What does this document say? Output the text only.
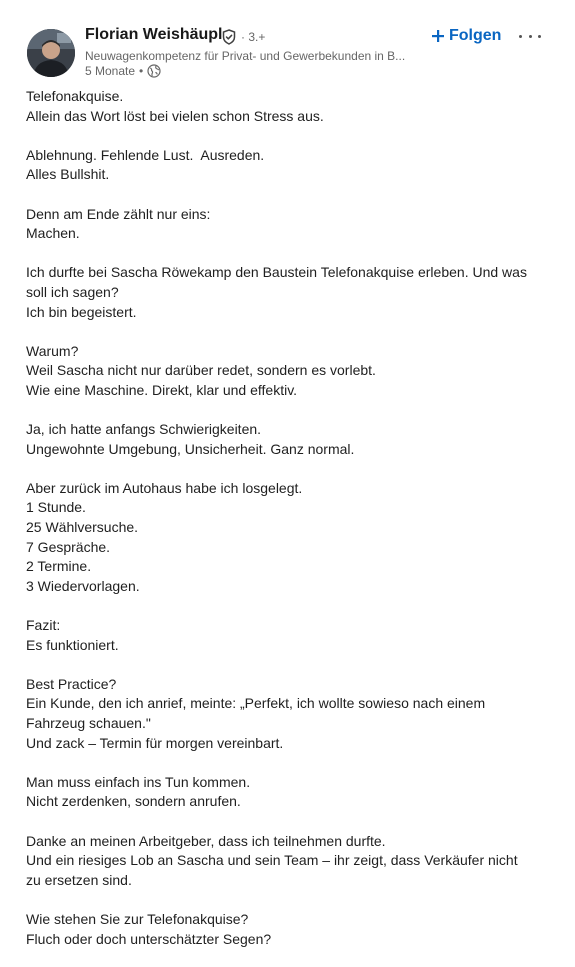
Florian Weishäupl · 3.+
Neuwagenkompetenz für Privat- und Gewerbekunden in B...
5 Monate •
Folgen
Telefonakquise.
Allein das Wort löst bei vielen schon Stress aus.
Ablehnung. Fehlende Lust.  Ausreden.
Alles Bullshit.
Denn am Ende zählt nur eins:
Machen.
Ich durfte bei Sascha Röwekamp den Baustein Telefonakquise erleben. Und was
soll ich sagen?
Ich bin begeistert.
Warum?
Weil Sascha nicht nur darüber redet, sondern es vorlebt.
Wie eine Maschine. Direkt, klar und effektiv.
Ja, ich hatte anfangs Schwierigkeiten.
Ungewohnte Umgebung, Unsicherheit. Ganz normal.
Aber zurück im Autohaus habe ich losgelegt.
1 Stunde.
25 Wählversuche.
7 Gespräche.
2 Termine.
3 Wiedervorlagen.
Fazit:
Es funktioniert.
Best Practice?
Ein Kunde, den ich anrief, meinte: „Perfekt, ich wollte sowieso nach einem
Fahrzeug schauen."
Und zack – Termin für morgen vereinbart.
Man muss einfach ins Tun kommen.
Nicht zerdenken, sondern anrufen.
Danke an meinen Arbeitgeber, dass ich teilnehmen durfte.
Und ein riesiges Lob an Sascha und sein Team – ihr zeigt, dass Verkäufer nicht
zu ersetzen sind.
Wie stehen Sie zur Telefonakquise?
Fluch oder doch unterschätzter Segen?
